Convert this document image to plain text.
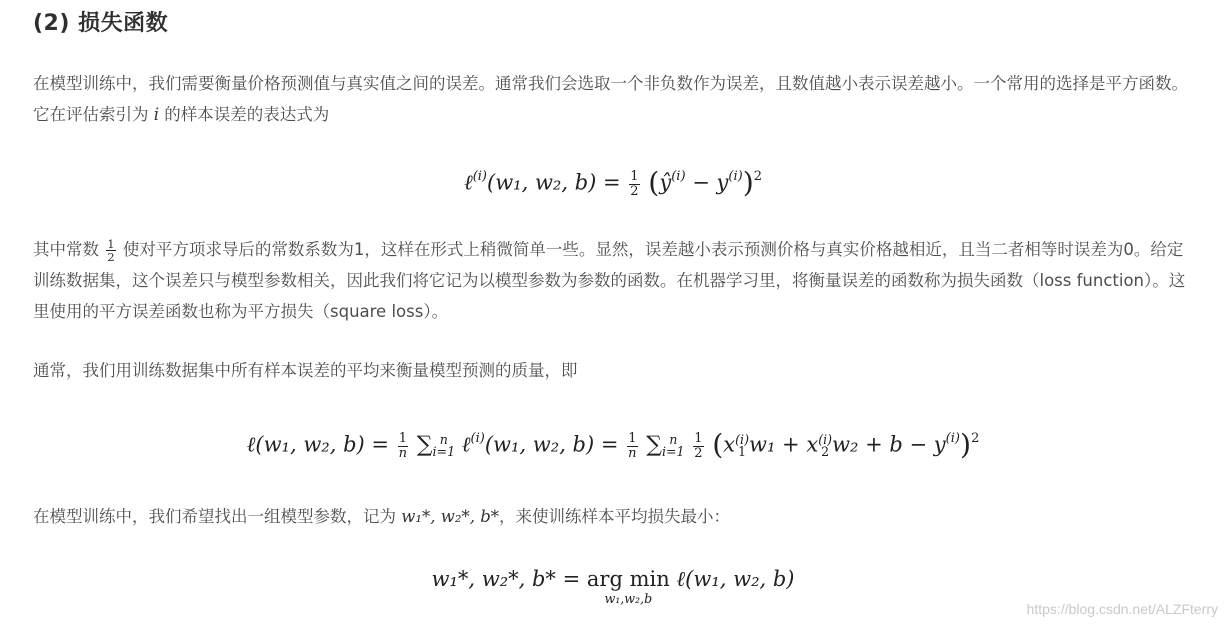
(2) 损失函数

在模型训练中，我们需要衡量价格预测值与真实值之间的误差。通常我们会选取一个非负数作为误差，且数值越小表示误差越小。一个常用的选择是平方函数。它在评估索引为 i 的样本误差的表达式为

ℓ$^{(i)}$(w₁, w₂, $b) = \frac{1}{2}$ $(ŷ^{(i)} - y^{(i)})^2$

其中常数 $\frac{1}{2}$ 使对平方项求导后的常数系数为1，这样在形式上稍微简单一些。显然，误差越小表示预测价格与真实价格越相近，且当二者相等时误差为0。给定训练数据集，这个误差只与模型参数相关，因此我们将它记为以模型参数为参数的函数。在机器学习里，将衡量误差的函数称为损失函数（loss function）。这里使用的平方误差函数也称为平方损失（square loss）。

通常，我们用训练数据集中所有样本误差的平均来衡量模型预测的质量，即

ℓ(w₁, w₂, $b) = \frac{1}{n}$ ∑ n
i=1 ℓ$^{(i)}$(w₁, w₂, $b) = \frac{1}{n}$ ∑ n
i=1
$\frac{1}{2} (x$ (i)
1 w₁ + x (i)
2 $w_2 + b - y^{(i)})^2$

在模型训练中，我们希望找出一组模型参数，记为 w₁*, w₂*, b*，来使训练样本平均损失最小：

w₁*, w₂*, b* = arg min
w₁,w₂,b
ℓ(w₁, w₂, b)
https://blog.csdn.net/ALZFterry
